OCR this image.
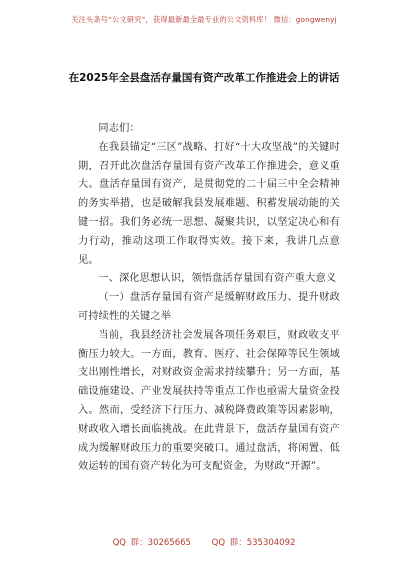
关注头条号“公文研究”，获得最新最全最专业的公文资料库！ 微信：gongwenyj
在2025年全县盘活存量国有资产改革工作推进会上的讲话

同志们：

在我县锚定“三区”战略、打好“十大攻坚战”的关键时期，召开此次盘活存量国有资产改革工作推进会，意义重大。盘活存量国有资产，是贯彻党的二十届三中全会精神的务实举措，也是破解我县发展难题、积蓄发展动能的关键一招。我们务必统一思想、凝聚共识，以坚定决心和有力行动，推动这项工作取得实效。接下来，我讲几点意见。

一、深化思想认识，领悟盘活存量国有资产重大意义

（一）盘活存量国有资产是缓解财政压力、提升财政可持续性的关键之举

当前，我县经济社会发展各项任务艰巨，财政收支平衡压力较大。一方面，教育、医疗、社会保障等民生领域支出刚性增长，对财政资金需求持续攀升；另一方面，基础设施建设、产业发展扶持等重点工作也亟需大量资金投入。然而，受经济下行压力、减税降费政策等因素影响，财政收入增长面临挑战。在此背景下，盘活存量国有资产成为缓解财政压力的重要突破口。通过盘活，将闲置、低效运转的国有资产转化为可支配资金，为财政“开源”。

QQ 群：30265665 QQ 群：535304092
